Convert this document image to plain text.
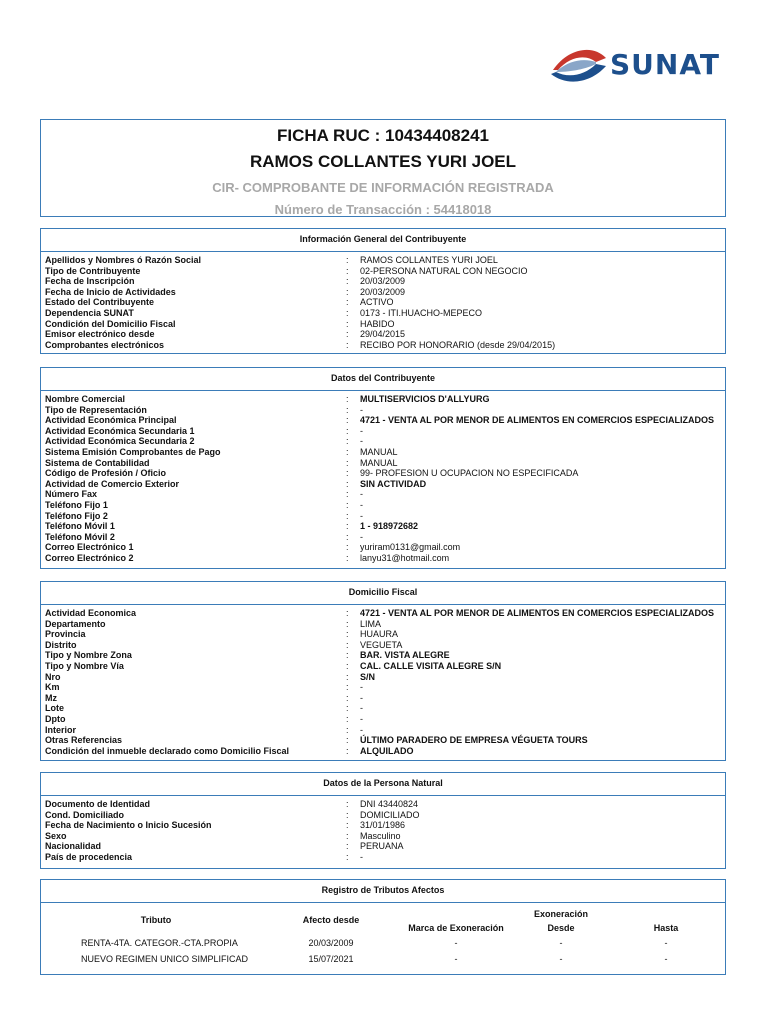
SUNAT
FICHA RUC : 10434408241
RAMOS COLLANTES YURI JOEL
CIR- COMPROBANTE DE INFORMACIÓN REGISTRADA
Número de Transacción : 54418018
Información General del Contribuyente
Apellidos y Nombres ó Razón Social	: RAMOS COLLANTES YURI JOEL
Tipo de Contribuyente	: 02-PERSONA NATURAL CON NEGOCIO
Fecha de Inscripción	: 20/03/2009
Fecha de Inicio de Actividades	: 20/03/2009
Estado del Contribuyente	: ACTIVO
Dependencia SUNAT	: 0173 - ITI.HUACHO-MEPECO
Condición del Domicilio Fiscal	: HABIDO
Emisor electrónico desde	: 29/04/2015
Comprobantes electrónicos	: RECIBO POR HONORARIO (desde 29/04/2015)
Datos del Contribuyente
Nombre Comercial	: MULTISERVICIOS D'ALLYURG
Tipo de Representación	: -
Actividad Económica Principal	: 4721 - VENTA AL POR MENOR DE ALIMENTOS EN COMERCIOS ESPECIALIZADOS
Actividad Económica Secundaria 1	: -
Actividad Económica Secundaria 2	: -
Sistema Emisión Comprobantes de Pago	: MANUAL
Sistema de Contabilidad	: MANUAL
Código de Profesión / Oficio	: 99- PROFESION U OCUPACION NO ESPECIFICADA
Actividad de Comercio Exterior	: SIN ACTIVIDAD
Número Fax	: -
Teléfono Fijo 1	: -
Teléfono Fijo 2	: -
Teléfono Móvil 1	: 1 - 918972682
Teléfono Móvil 2	: -
Correo Electrónico 1	: yuriram0131@gmail.com
Correo Electrónico 2	: lanyu31@hotmail.com
Domicilio Fiscal
Actividad Economica	: 4721 - VENTA AL POR MENOR DE ALIMENTOS EN COMERCIOS ESPECIALIZADOS
Departamento	: LIMA
Provincia	: HUAURA
Distrito	: VEGUETA
Tipo y Nombre Zona	: BAR. VISTA ALEGRE
Tipo y Nombre Vía	: CAL. CALLE VISITA ALEGRE S/N
Nro	: S/N
Km	: -
Mz	: -
Lote	: -
Dpto	: -
Interior	: -
Otras Referencias	: ÚLTIMO PARADERO DE EMPRESA VÉGUETA TOURS
Condición del inmueble declarado como Domicilio Fiscal	: ALQUILADO
Datos de la Persona Natural
Documento de Identidad	: DNI 43440824
Cond. Domiciliado	: DOMICILIADO
Fecha de Nacimiento o Inicio Sucesión	: 31/01/1986
Sexo	: Masculino
Nacionalidad	: PERUANA
País de procedencia	: -
Registro de Tributos Afectos
Tributo	Afecto desde
Exoneración
Marca de Exoneración	Desde	Hasta
RENTA-4TA. CATEGOR.-CTA.PROPIA	20/03/2009	-	-	-
NUEVO REGIMEN UNICO SIMPLIFICAD	15/07/2021	-	-	-
